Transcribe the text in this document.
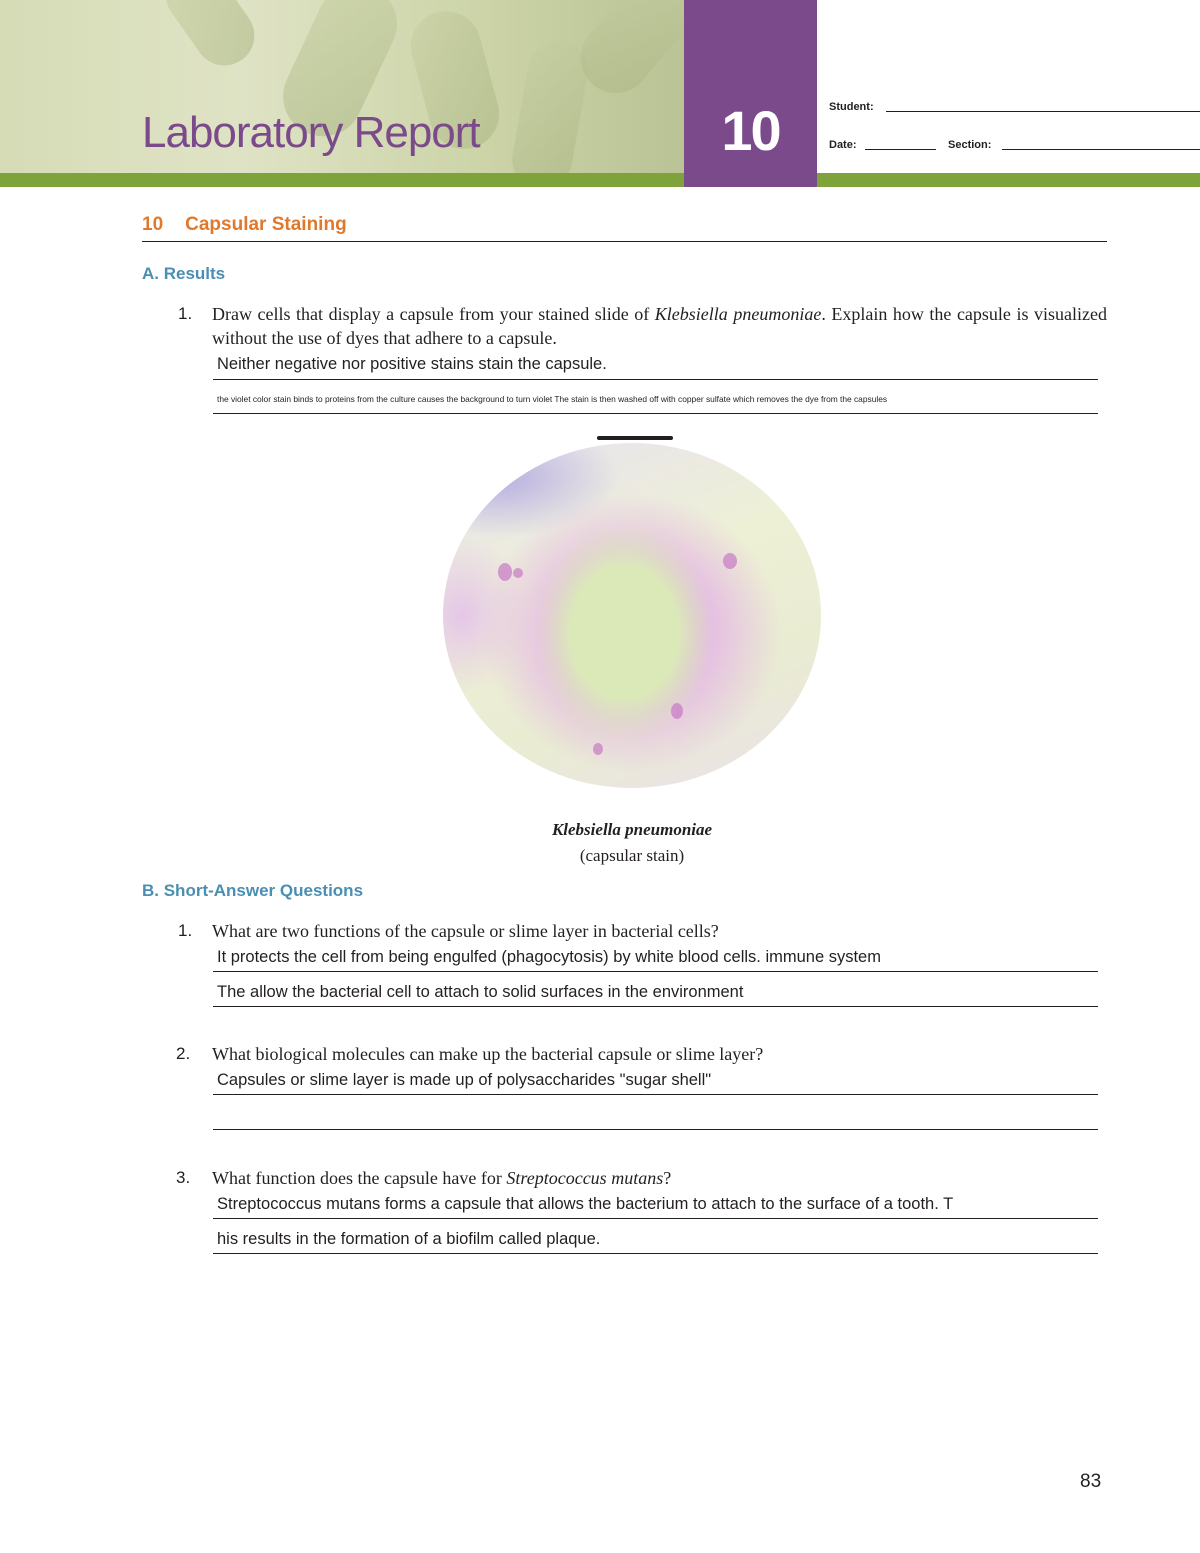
10
Laboratory Report
Student:
Date:	Section:
10 Capsular Staining
A. Results
1. Draw cells that display a capsule from your stained slide of Klebsiella pneumoniae. Explain how the capsule is visualized without the use of dyes that adhere to a capsule.
Neither negative nor positive stains stain the capsule.
the violet color stain binds to proteins from the culture causes the background to turn violet The stain is then washed off with copper sulfate which removes the dye from the capsules
Klebsiella pneumoniae
(capsular stain)
B. Short-Answer Questions
1. What are two functions of the capsule or slime layer in bacterial cells?
It protects the cell from being engulfed (phagocytosis) by white blood cells. immune system
The allow the bacterial cell to attach to solid surfaces in the environment
2. What biological molecules can make up the bacterial capsule or slime layer?
Capsules or slime layer is made up of polysaccharides "sugar shell"
3. What function does the capsule have for Streptococcus mutans?
Streptococcus mutans forms a capsule that allows the bacterium to attach to the surface of a tooth. T
his results in the formation of a biofilm called plaque.
83
